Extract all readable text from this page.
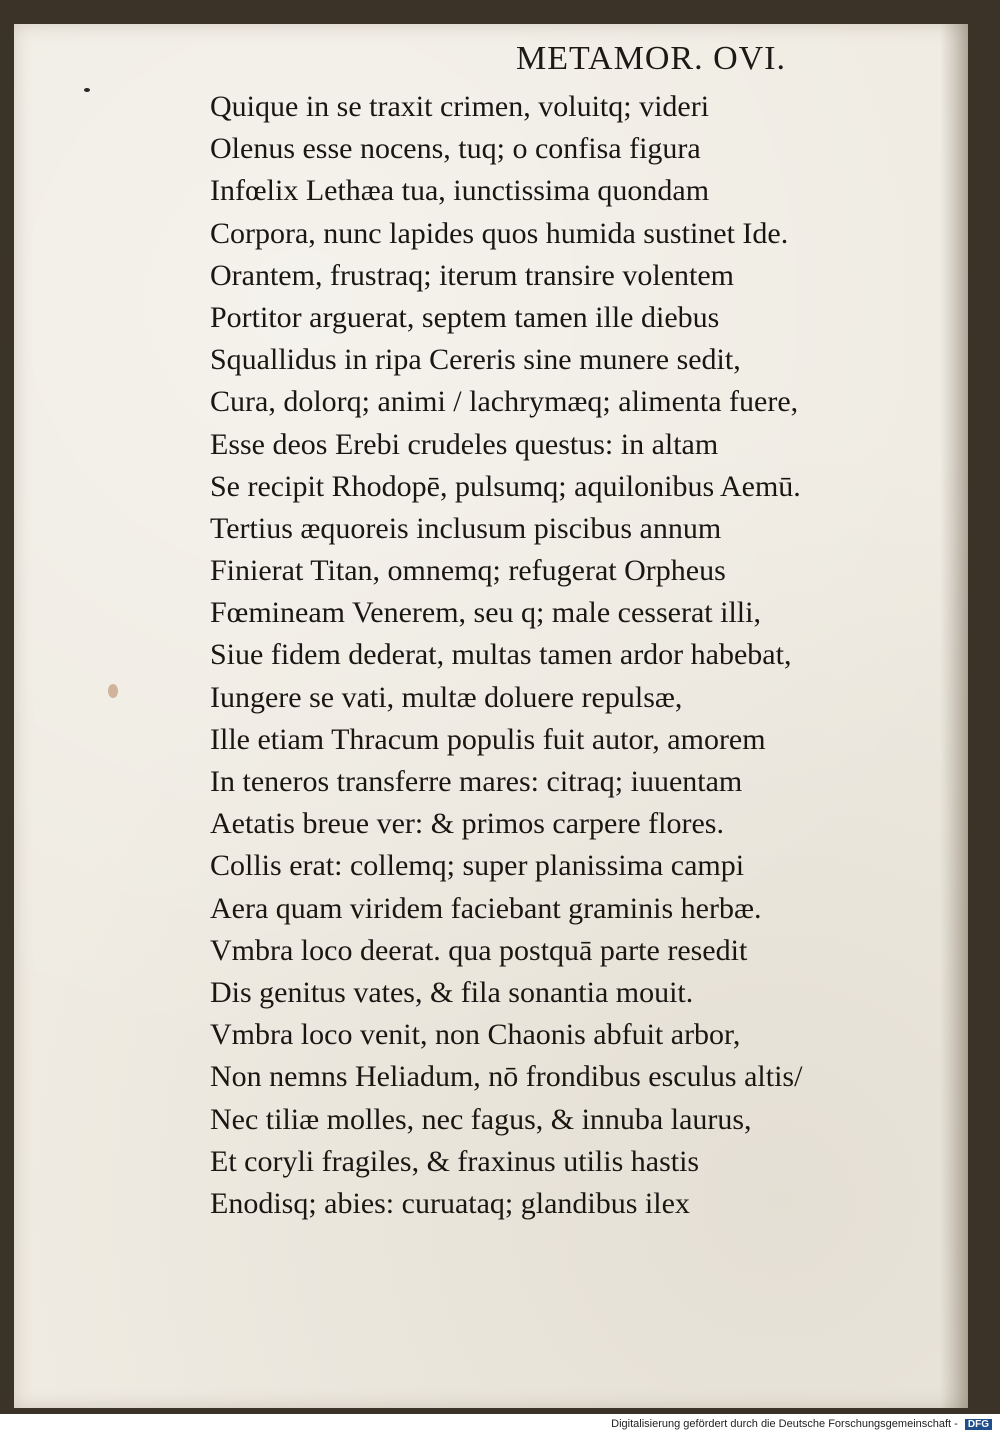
METAMOR. OVI.
Quique in se traxit crimen, voluitq; videri
Olenus esse nocens, tuq; o confisa figura
Infœlix Lethæa tua, iunctissima quondam
Corpora, nunc lapides quos humida sustinet Ide.
Orantem, frustraq; iterum transire volentem
Portitor arguerat, septem tamen ille diebus
Squallidus in ripa Cereris sine munere sedit,
Cura, dolorq; animi / lachrymæq; alimenta fuere,
Esse deos Erebi crudeles questus: in altam
Se recipit Rhodopē, pulsumq; aquilonibus Aemū.
Tertius æquoreis inclusum piscibus annum
Finierat Titan, omnemq; refugerat Orpheus
Fœmineam Venerem, seu q; male cesserat illi,
Siue fidem dederat, multas tamen ardor habebat,
Iungere se vati, multæ doluere repulsæ,
Ille etiam Thracum populis fuit autor, amorem
In teneros transferre mares: citraq; iuuentam
Aetatis breue ver: & primos carpere flores.
Collis erat: collemq; super planissima campi
Aera quam viridem faciebant graminis herbæ.
Vmbra loco deerat. qua postquā parte resedit
Dis genitus vates, & fila sonantia mouit.
Vmbra loco venit, non Chaonis abfuit arbor,
Non nemns Heliadum, nō frondibus esculus altis/
Nec tiliæ molles, nec fagus, & innuba laurus,
Et coryli fragiles, & fraxinus utilis hastis
Enodisq; abies: curuataq; glandibus ilex
Digitalisierung gefördert durch die Deutsche Forschungsgemeinschaft - DFG
